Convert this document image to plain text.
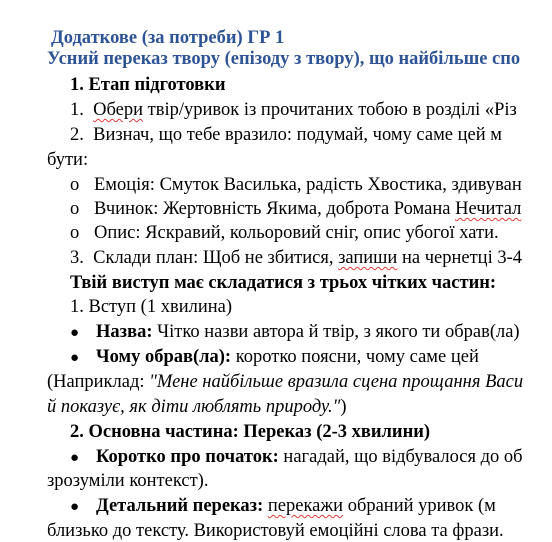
Додаткове (за потреби) ГР 1
Усний переказ твору (епізоду з твору), що найбільше спо
1. Етап підготовки
1. Обери твір/уривок із прочитаних тобою в розділі «Різ
2. Визнач, що тебе вразило: подумай, чому саме цей м
бути:
o Емоція: Смуток Василька, радість Хвостика, здивуван
o Вчинок: Жертовність Якима, доброта Романа Нечитал
o Опис: Яскравий, кольоровий сніг, опис убогої хати.
3. Склади план: Щоб не збитися, запиши на чернетці 3-4
Твій виступ має складатися з трьох чітких частин:
1. Вступ (1 хвилина)
● Назва: Чітко назви автора й твір, з якого ти обрав(ла)
● Чому обрав(ла): коротко поясни, чому саме цей
(Наприклад: "Мене найбільше вразила сцена прощання Васи
й показує, як діти люблять природу.")
2. Основна частина: Переказ (2-3 хвилини)
● Коротко про початок: нагадай, що відбувалося до об
зрозуміли контекст).
● Детальний переказ: перекажи обраний уривок (м
близько до тексту. Використовуй емоційні слова та фрази.
